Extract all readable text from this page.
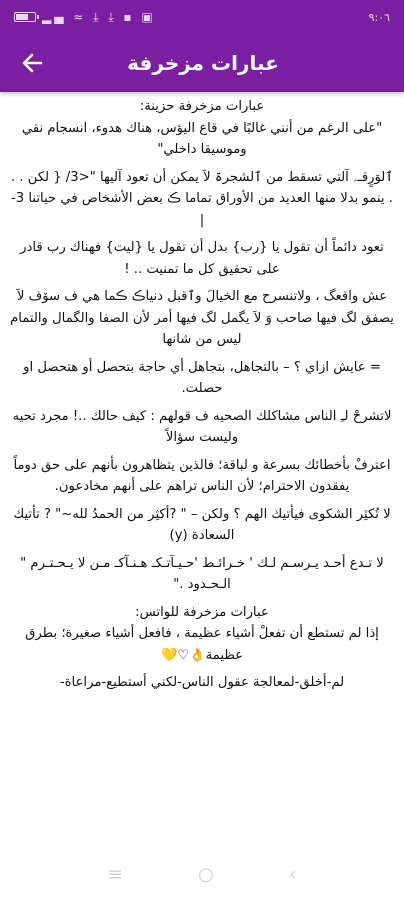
▂▄ ≈ ⤓ ⤓ ▪ ▣	٩:٠٦
عبارات مزخرفة

عبارات مزخرفة حزينة:
"على الرغم من أنني غالبًا في قاع اليؤس، هناك هدوء، انسجام نقي وموسيقا داخلي"

ٱلوَرٍقـﮧ آلتي تسقط من ٱلشجرۃ لاَ يمكن أن تعود آليها "<3/ { لكن . . . ينمو بدلا منها العديد من الأوراق تماما ڪ بعض الأشخاص في حياتنا 3-|

تعود دائماً أن تقول يا {رب} بدل أن تقول يا {ليت} فهناك رب قادر على تحقيق كل ما تمنيت .. !

عش واقعگ ، ولاتنسرح مع الخيالَ وٱقبل دنياڪ ڪما هي ف سۆف لاَ يصفق لگ فيها صاحب وَ لاَ يگمل لگ فيها أمر لأن الصفا والگمال والتمام ليس من شانها

= عايش ازاي ؟ – بالتجاهل، بتجاهل أي حاجة بتحصل أو هتحصل او حصلت.

لاتشرحْ لـِ الناس مشاكلك الصحيه ف قولهم : كيف حالك ..! مجرد تحيه وليست سؤالاً

اعترفْ بأخطائك بسرعة و لباقة؛ فالذين يتظاهرون بأنهم على حق دوماً يفقدون الاحترام؛ لأن الناس تراهم على أنهم مخادعون.

لا تُكثِر الشكوى فيأتيك الهم ؟ ولكن – " ?أكثِر من الحمدُ لله~" ? تأتيك السعادة (y)

لا تـدع أحـد يـرسـم لـك ' خـرائـط 'حـيـآتـكـ هـنـآكـ مـن لا يـحـتـرم " الـحـدود ."

عبارات مزخرفة للواتس:
إذا لم تستطع أن تفعلْ أشياء عظيمة ، فافعل أشياء صغيرة؛ بطرق عظيمة👌♡💛

لم-أخلق-لمعالجة عقول الناس-لكني أستطيع-مراعاة-

≡	○	‹
